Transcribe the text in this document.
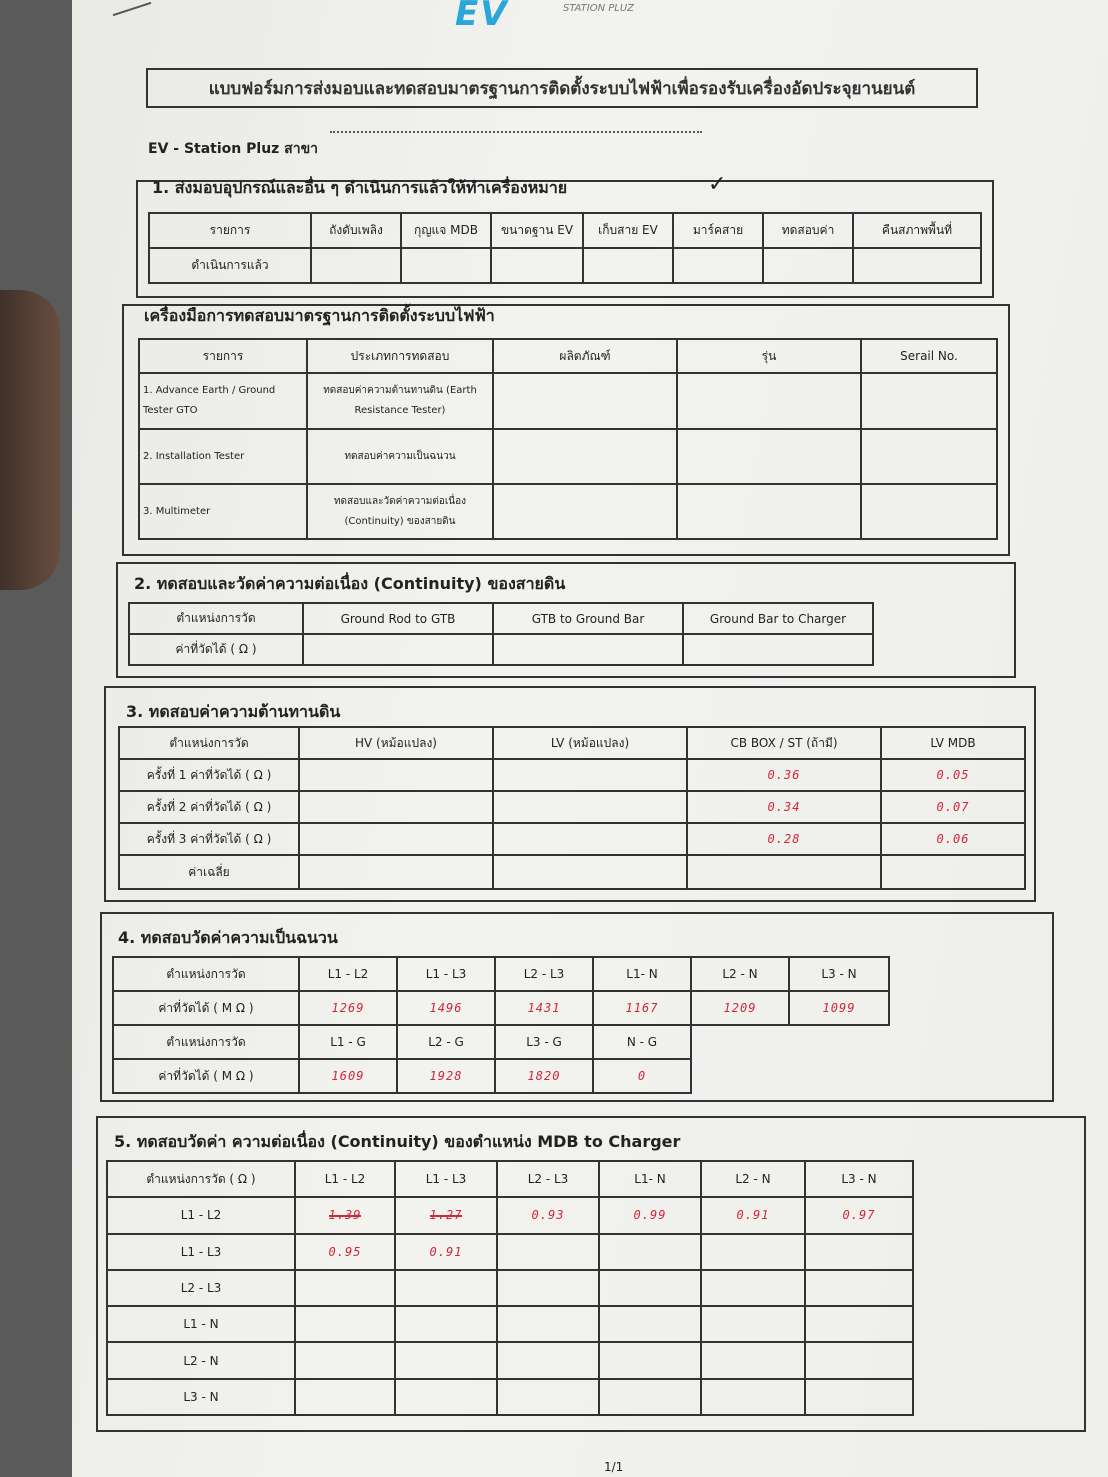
EV	STATION PLUZ
แบบฟอร์มการส่งมอบและทดสอบมาตรฐานการติดตั้งระบบไฟฟ้าเพื่อรองรับเครื่องอัดประจุยานยนต์
EV - Station Pluz สาขา
1. ส่งมอบอุปกรณ์และอื่น ๆ ดำเนินการแล้วให้ทำเครื่องหมาย	✓
รายการ	ถังดับเพลิง	กุญแจ MDB	ขนาดฐาน EV	เก็บสาย EV	มาร์คสาย	ทดสอบค่า	คืนสภาพพื้นที่
ดำเนินการแล้ว							
เครื่องมือการทดสอบมาตรฐานการติดตั้งระบบไฟฟ้า
รายการ	ประเภทการทดสอบ	ผลิตภัณฑ์	รุ่น	Serail No.
1. Advance Earth / Ground Tester GTO	ทดสอบค่าความต้านทานดิน (Earth Resistance Tester)			
2. Installation Tester	ทดสอบค่าความเป็นฉนวน			
3. Multimeter	ทดสอบและวัดค่าความต่อเนื่อง (Continuity) ของสายดิน			
2. ทดสอบและวัดค่าความต่อเนื่อง (Continuity) ของสายดิน
ตำแหน่งการวัด	Ground Rod to GTB	GTB to Ground Bar	Ground Bar to Charger
ค่าที่วัดได้ ( Ω )			
3. ทดสอบค่าความต้านทานดิน
ตำแหน่งการวัด	HV (หม้อแปลง)	LV (หม้อแปลง)	CB BOX / ST (ถ้ามี)	LV MDB
ครั้งที่ 1 ค่าที่วัดได้ ( Ω )			0.36	0.05
ครั้งที่ 2 ค่าที่วัดได้ ( Ω )			0.34	0.07
ครั้งที่ 3 ค่าที่วัดได้ ( Ω )			0.28	0.06
ค่าเฉลี่ย				
4. ทดสอบวัดค่าความเป็นฉนวน
ตำแหน่งการวัด	L1 - L2	L1 - L3	L2 - L3	L1- N	L2 - N	L3 - N
ค่าที่วัดได้ ( M Ω )	1269	1496	1431	1167	1209	1099
ตำแหน่งการวัด	L1 - G	L2 - G	L3 - G	N - G		
ค่าที่วัดได้ ( M Ω )	1609	1928	1820	0		
5. ทดสอบวัดค่า ความต่อเนื่อง (Continuity) ของตำแหน่ง MDB to Charger
ตำแหน่งการวัด ( Ω )	L1 - L2	L1 - L3	L2 - L3	L1- N	L2 - N	L3 - N
L1 - L2	1.39	1.27	0.93	0.99	0.91	0.97
L1 - L3	0.95	0.91				
L2 - L3						
L1 - N						
L2 - N						
L3 - N						
1/1
